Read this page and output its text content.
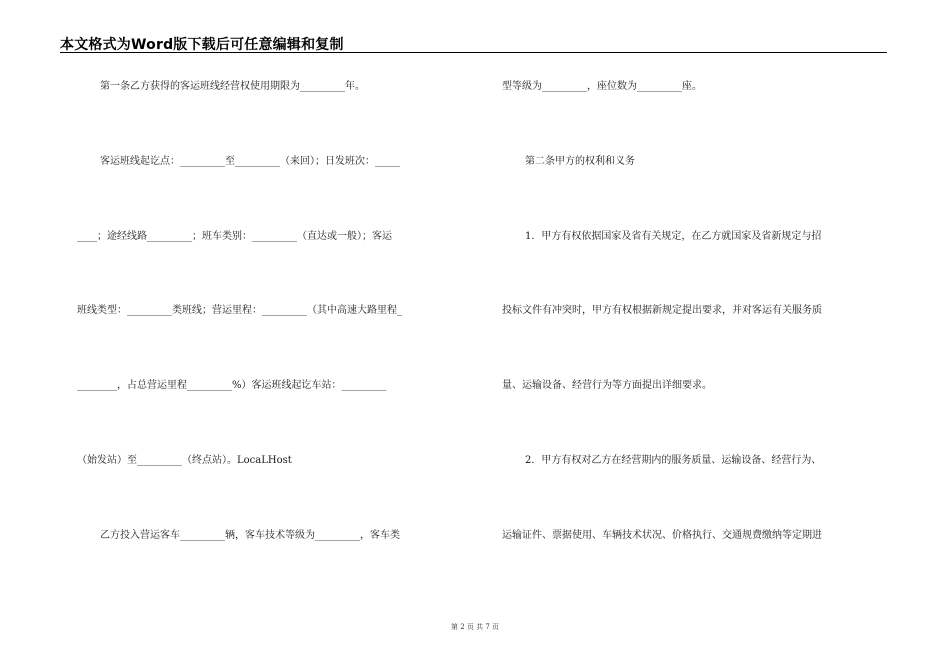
本文格式为Word版下载后可任意编辑和复制
第一条乙方获得的客运班线经营权使用期限为_________年。
客运班线起讫点：_________至_________（来回）；日发班次：_____
____；途经线路_________；班车类别：_________（直达或一般）；客运
班线类型：_________类班线；营运里程：_________（其中高速大路里程_
________，占总营运里程_________%）客运班线起讫车站：_________
（始发站）至_________（终点站）。LocaLHost
乙方投入营运客车_________辆，客车技术等级为_________，客车类
型等级为_________，座位数为_________座。
第二条甲方的权利和义务
1．甲方有权依据国家及省有关规定，在乙方就国家及省新规定与招
投标文件有冲突时，甲方有权根据新规定提出要求，并对客运有关服务质
量、运输设备、经营行为等方面提出详细要求。
2．甲方有权对乙方在经营期内的服务质量、运输设备、经营行为、
运输证件、票据使用、车辆技术状况、价格执行、交通规费缴纳等定期进
第 2 页 共 7 页
